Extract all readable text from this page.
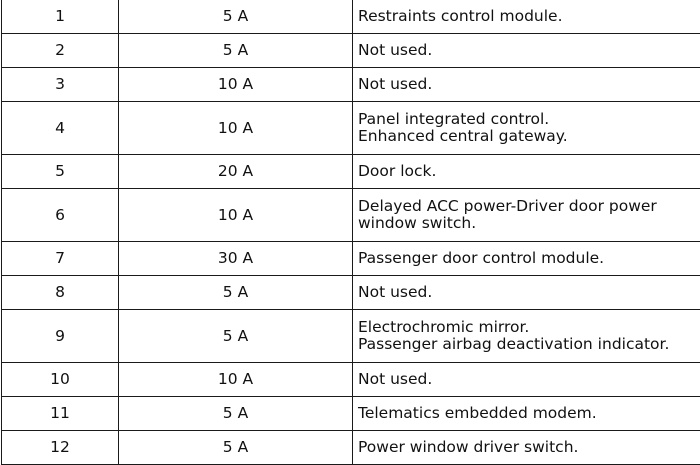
1	5 A	Restraints control module.

2	5 A	Not used.

3	10 A	Not used.

4	10 A	Panel integrated control.
Enhanced central gateway.

5	20 A	Door lock.

6	10 A	Delayed ACC power-Driver door power
window switch.

7	30 A	Passenger door control module.

8	5 A	Not used.

9	5 A	Electrochromic mirror.
Passenger airbag deactivation indicator.

10	10 A	Not used.

11	5 A	Telematics embedded modem.

12	5 A	Power window driver switch.
